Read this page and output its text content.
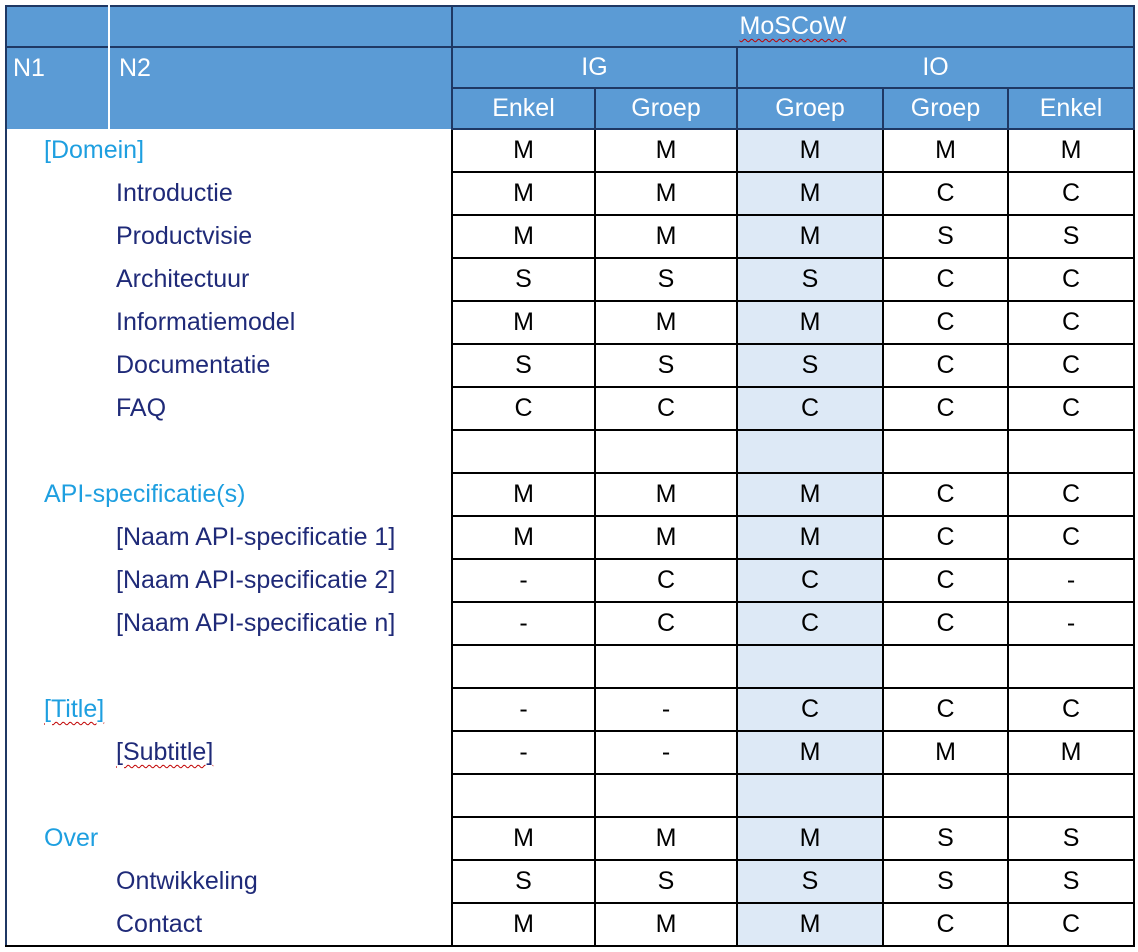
		MoSCoW				
N1	N2	IG		IO		
		Enkel	Groep	Groep	Groep	Enkel
[Domein]		M	M	M	M	M
Introductie		M	M	M	C	C
Productvisie		M	M	M	S	S
Architectuur		S	S	S	C	C
Informatiemodel		M	M	M	C	C
Documentatie		S	S	S	C	C
FAQ		C	C	C	C	C

API-specificatie(s)		M	M	M	C	C
[Naam API-specificatie 1]		M	M	M	C	C
[Naam API-specificatie 2]		-	C	C	C	-
[Naam API-specificatie n]		-	C	C	C	-

[Title]		-	-	C	C	C
[Subtitle]		-	-	M	M	M

Over		M	M	M	S	S
Ontwikkeling		S	S	S	S	S
Contact		M	M	M	C	C
